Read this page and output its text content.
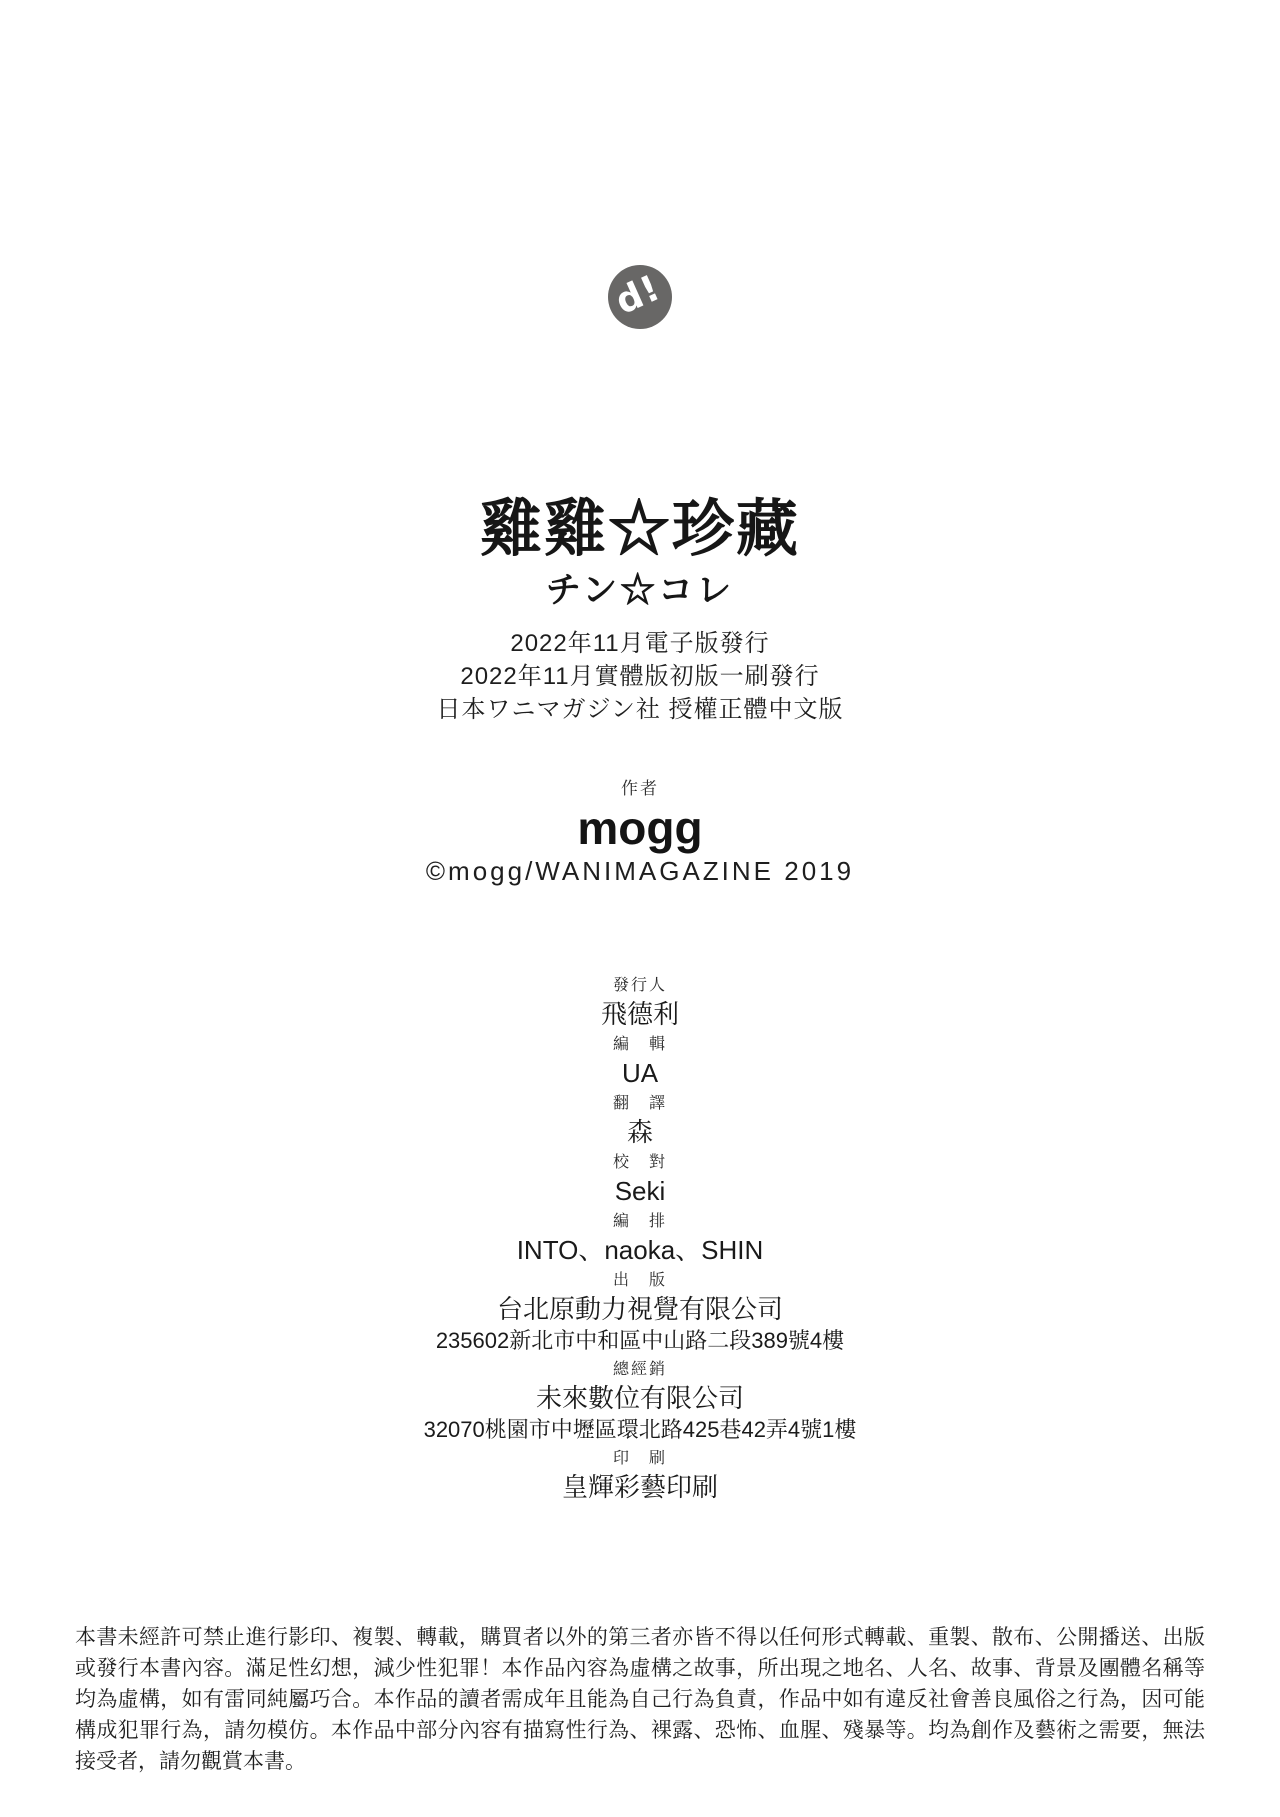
d!
雞雞☆珍藏
チン☆コレ
2022年11月電子版發行
2022年11月實體版初版一刷發行
日本ワニマガジン社 授權正體中文版
作者
mogg
©mogg/WANIMAGAZINE 2019
發行人
飛德利
編　輯
UA
翻　譯
森
校　對
Seki
編　排
INTO、naoka、SHIN
出　版
台北原動力視覺有限公司
235602新北市中和區中山路二段389號4樓
總經銷
未來數位有限公司
32070桃園市中壢區環北路425巷42弄4號1樓
印　刷
皇輝彩藝印刷
本書未經許可禁止進行影印、複製、轉載，購買者以外的第三者亦皆不得以任何形式轉載、重製、散布、公開播送、出版或發行本書內容。滿足性幻想，減少性犯罪！本作品內容為虛構之故事，所出現之地名、人名、故事、背景及團體名稱等均為虛構，如有雷同純屬巧合。本作品的讀者需成年且能為自己行為負責，作品中如有違反社會善良風俗之行為，因可能構成犯罪行為，請勿模仿。本作品中部分內容有描寫性行為、裸露、恐怖、血腥、殘暴等。均為創作及藝術之需要，無法接受者，請勿觀賞本書。
